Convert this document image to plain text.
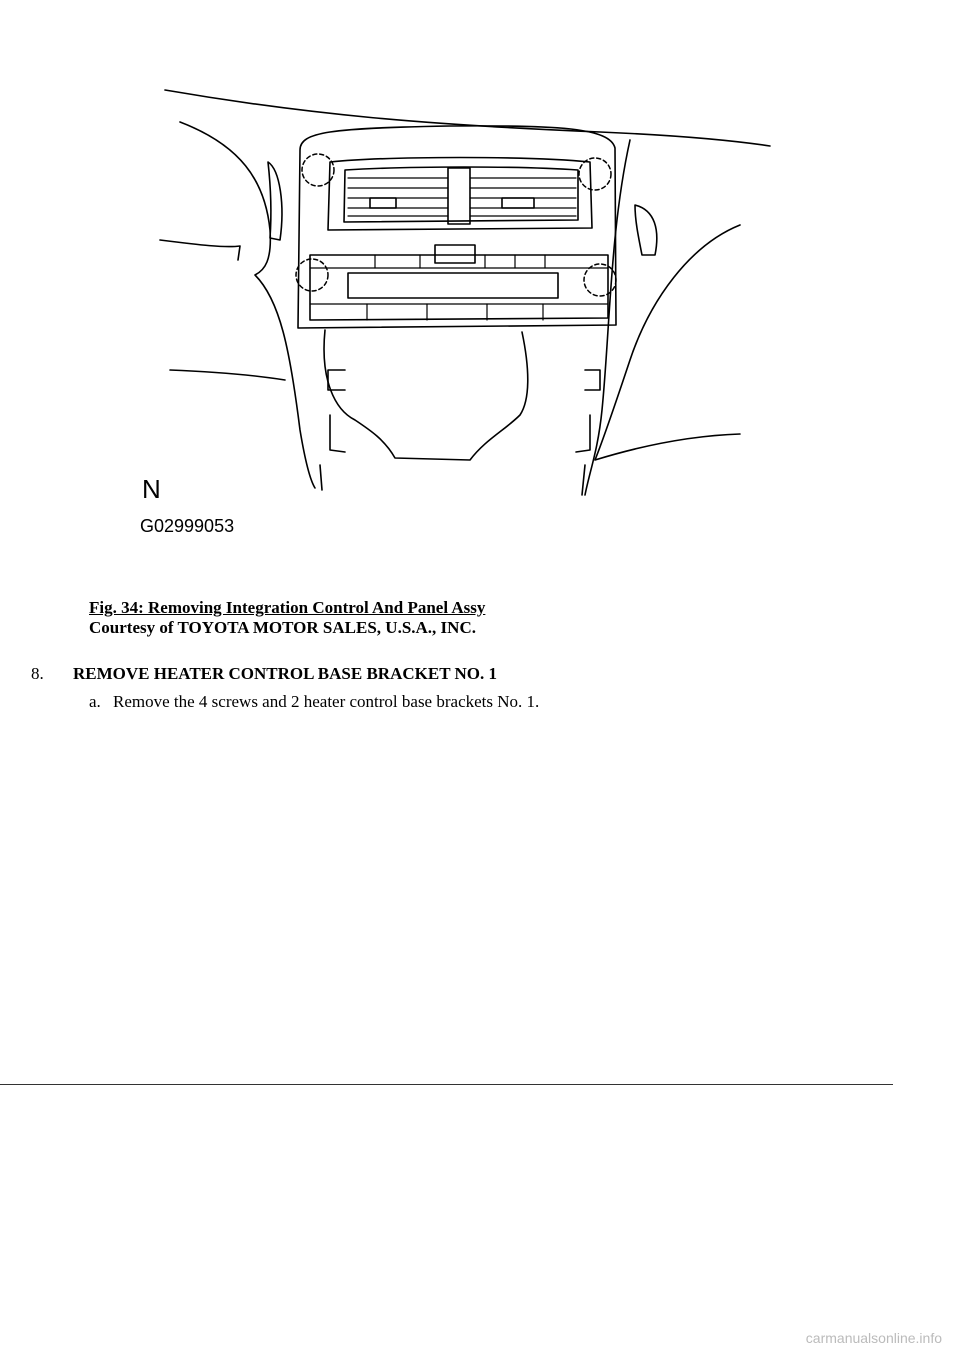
N
G02999053
Fig. 34: Removing Integration Control And Panel Assy
Courtesy of TOYOTA MOTOR SALES, U.S.A., INC.
8. REMOVE HEATER CONTROL BASE BRACKET NO. 1
a. Remove the 4 screws and 2 heater control base brackets No. 1.
carmanualsonline.info
